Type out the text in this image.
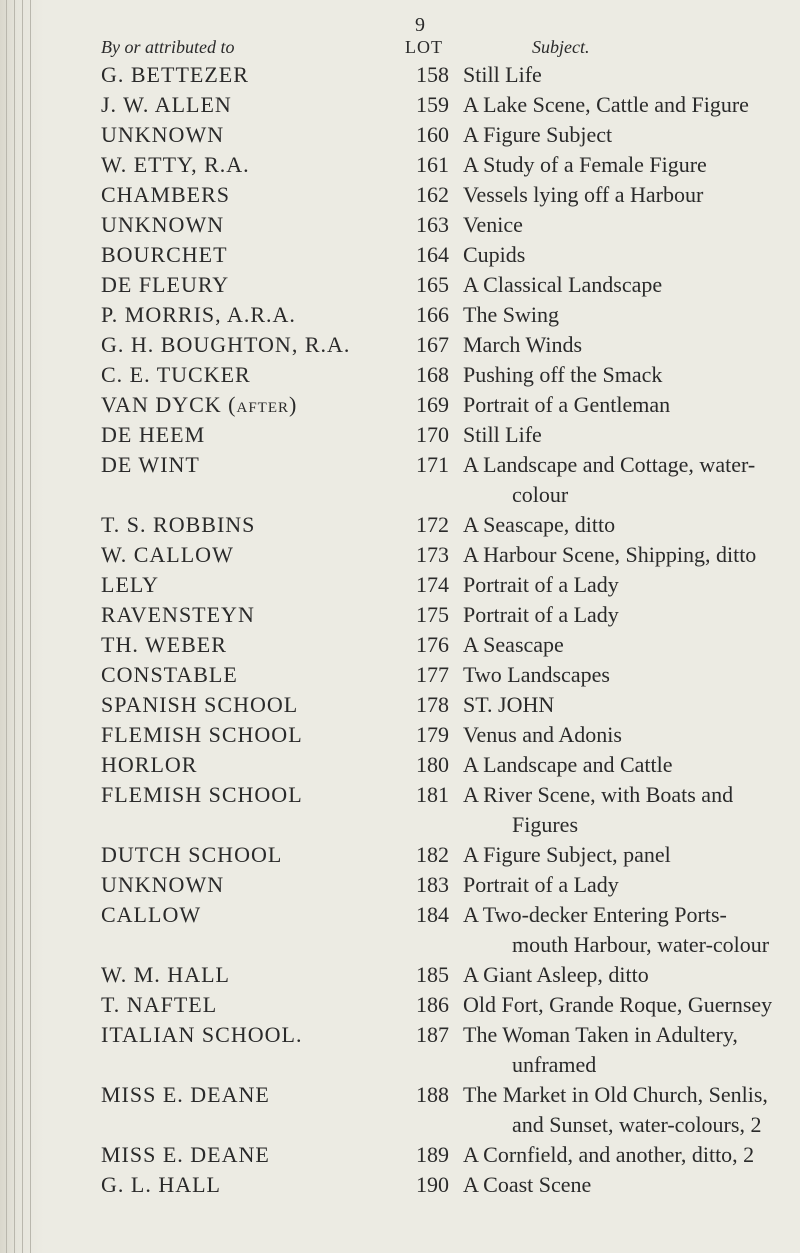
9
By or attributed to	LOT	Subject.
G. BETTEZER	158 Still Life
J. W. ALLEN	159 A Lake Scene, Cattle and Figure
UNKNOWN	160 A Figure Subject
W. ETTY, R.A.	161 A Study of a Female Figure
CHAMBERS	162 Vessels lying off a Harbour
UNKNOWN	163 Venice
BOURCHET	164 Cupids
DE FLEURY	165 A Classical Landscape
P. MORRIS, A.R.A.	166 The Swing
G. H. BOUGHTON, R.A.	167 March Winds
C. E. TUCKER	168 Pushing off the Smack
VAN DYCK (after)	169 Portrait of a Gentleman
DE HEEM	170 Still Life
DE WINT	171 A Landscape and Cottage, water-
colour
T. S. ROBBINS	172 A Seascape, ditto
W. CALLOW	173 A Harbour Scene, Shipping, ditto
LELY	174 Portrait of a Lady
RAVENSTEYN	175 Portrait of a Lady
TH. WEBER	176 A Seascape
CONSTABLE	177 Two Landscapes
SPANISH SCHOOL	178 ST. JOHN
FLEMISH SCHOOL	179 Venus and Adonis
HORLOR	180 A Landscape and Cattle
FLEMISH SCHOOL	181 A River Scene, with Boats and
Figures
DUTCH SCHOOL	182 A Figure Subject, panel
UNKNOWN	183 Portrait of a Lady
CALLOW	184 A Two-decker Entering Ports-
mouth Harbour, water-colour
W. M. HALL	185 A Giant Asleep, ditto
T. NAFTEL	186 Old Fort, Grande Roque, Guernsey
ITALIAN SCHOOL.	187 The Woman Taken in Adultery,
unframed
MISS E. DEANE	188 The Market in Old Church, Senlis,
and Sunset, water-colours, 2
MISS E. DEANE	189 A Cornfield, and another, ditto, 2
G. L. HALL	190 A Coast Scene
